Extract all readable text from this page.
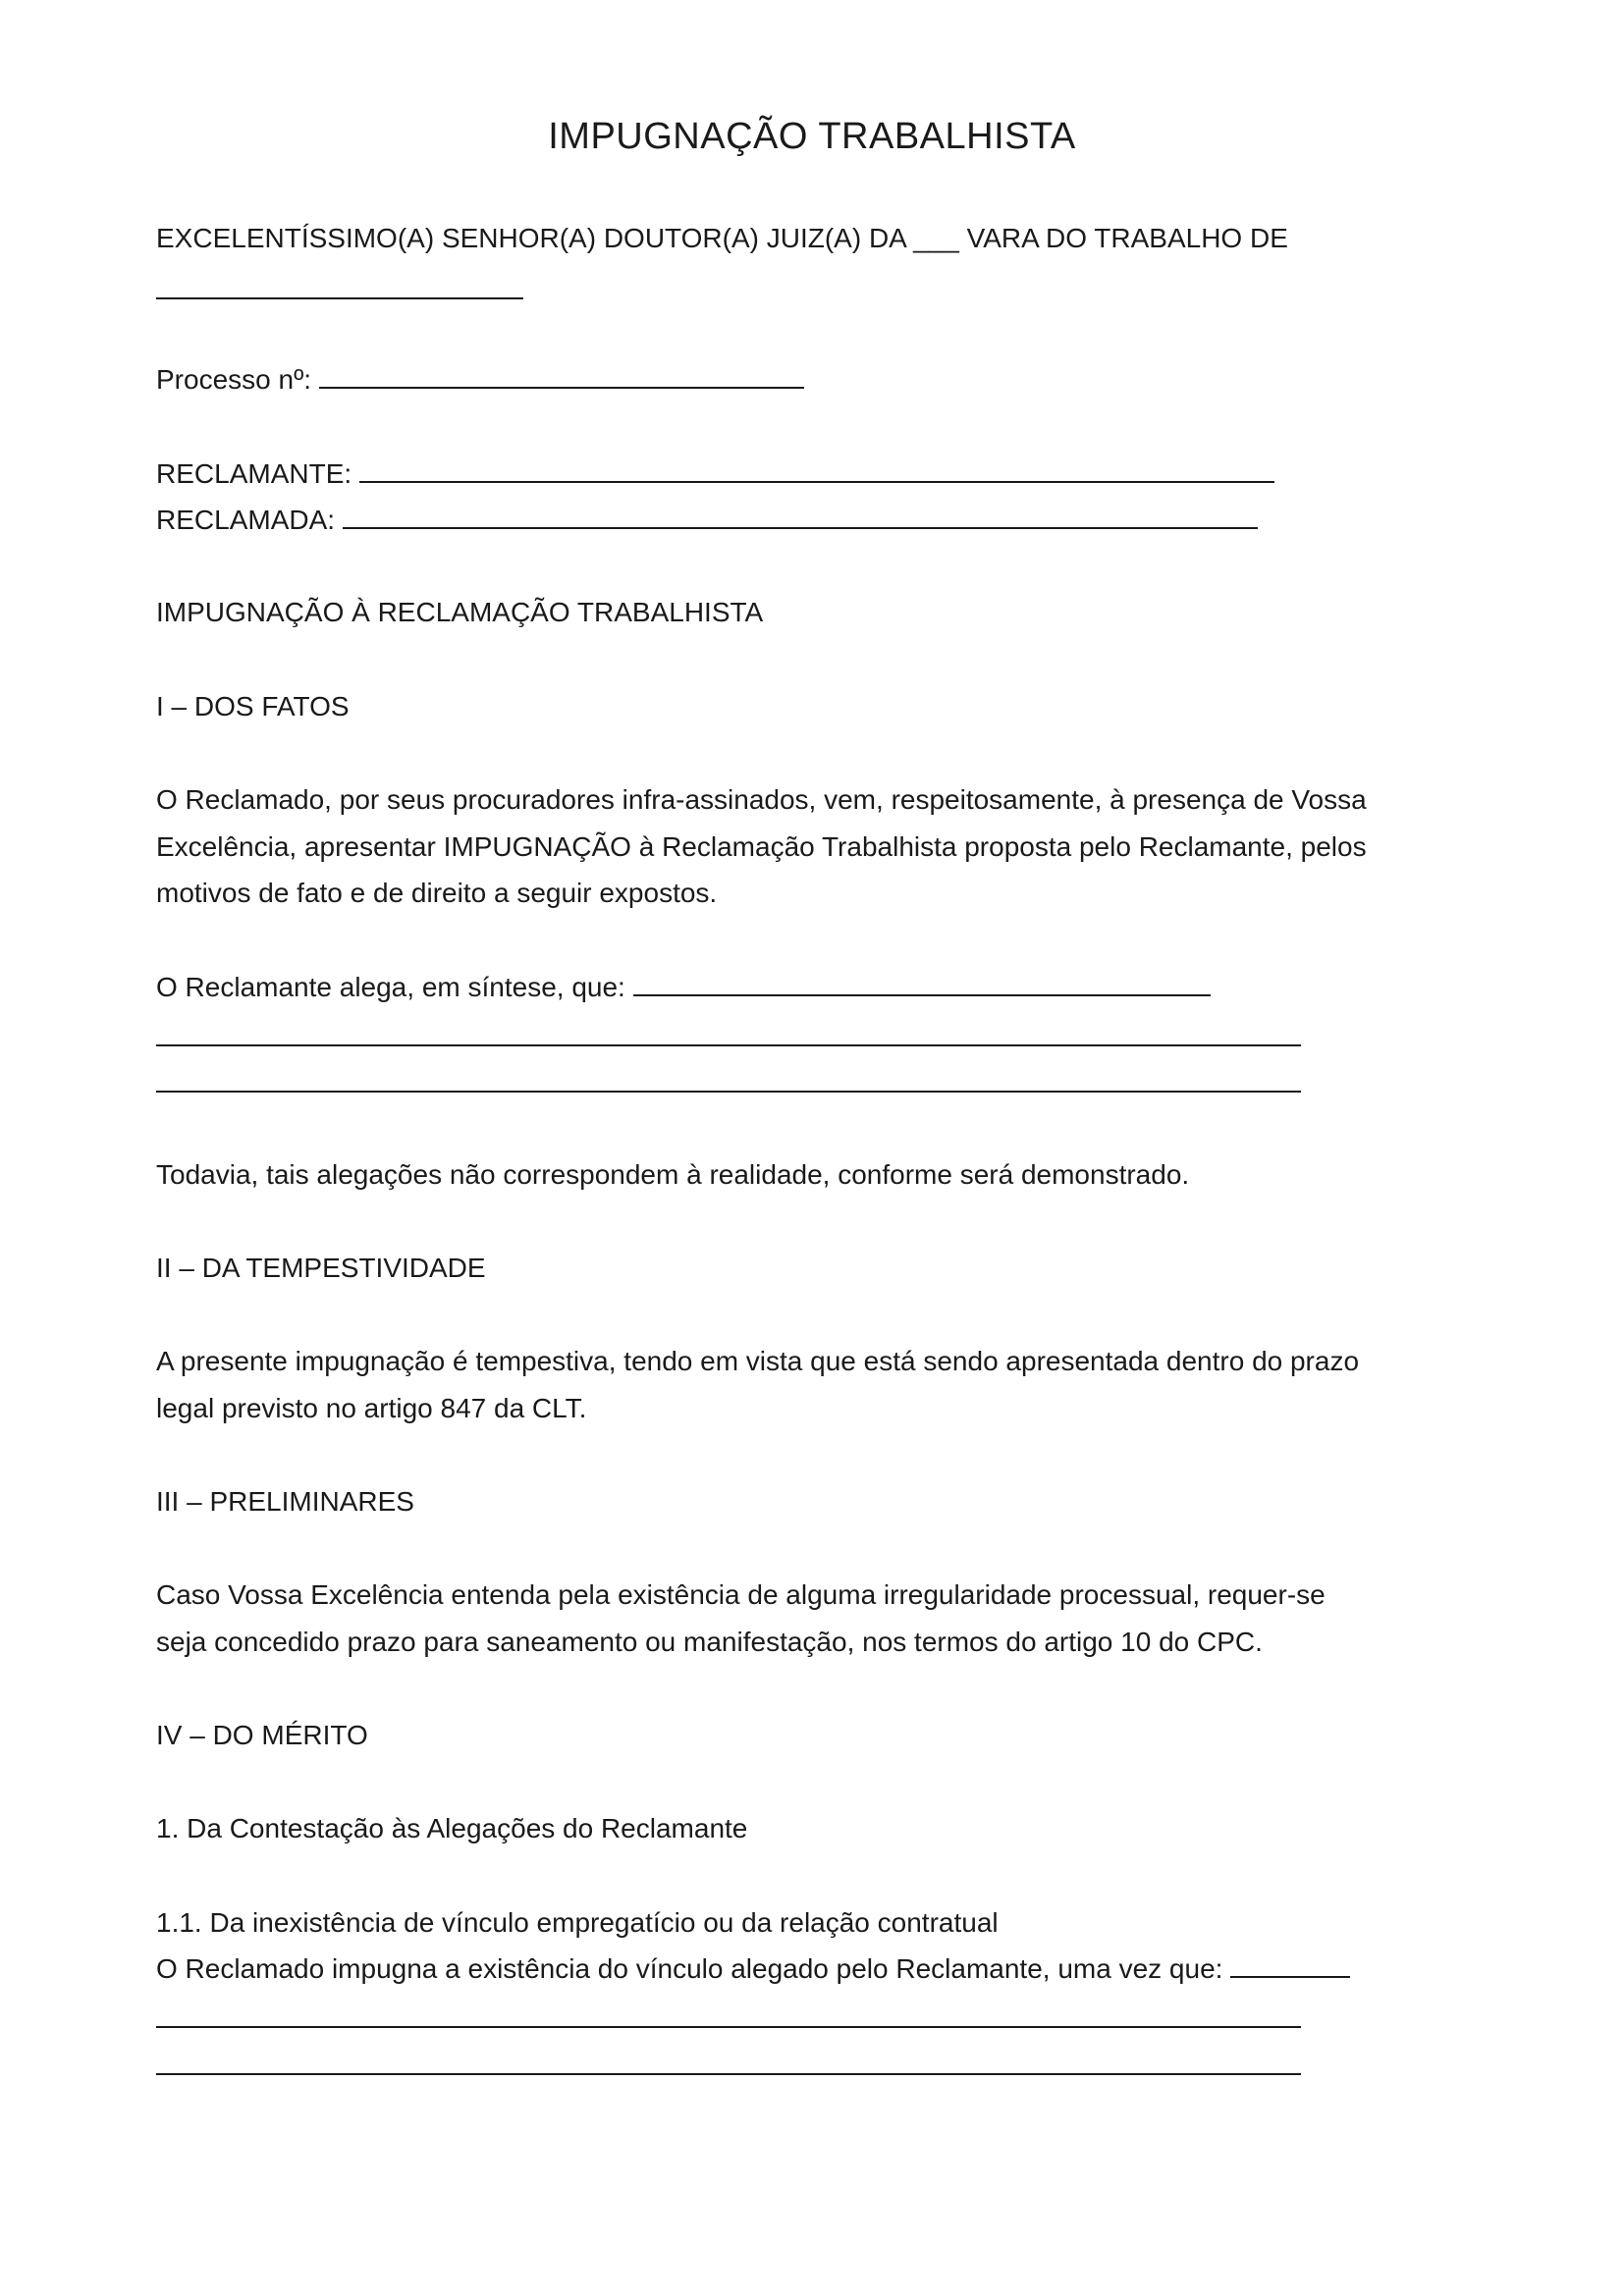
IMPUGNAÇÃO TRABALHISTA
EXCELENTÍSSIMO(A) SENHOR(A) DOUTOR(A) JUIZ(A) DA ___ VARA DO TRABALHO DE
Processo nº:
RECLAMANTE:
RECLAMADA:
IMPUGNAÇÃO À RECLAMAÇÃO TRABALHISTA
I – DOS FATOS
O Reclamado, por seus procuradores infra-assinados, vem, respeitosamente, à presença de Vossa
Excelência, apresentar IMPUGNAÇÃO à Reclamação Trabalhista proposta pelo Reclamante, pelos
motivos de fato e de direito a seguir expostos.
O Reclamante alega, em síntese, que:
Todavia, tais alegações não correspondem à realidade, conforme será demonstrado.
II – DA TEMPESTIVIDADE
A presente impugnação é tempestiva, tendo em vista que está sendo apresentada dentro do prazo
legal previsto no artigo 847 da CLT.
III – PRELIMINARES
Caso Vossa Excelência entenda pela existência de alguma irregularidade processual, requer-se
seja concedido prazo para saneamento ou manifestação, nos termos do artigo 10 do CPC.
IV – DO MÉRITO
1. Da Contestação às Alegações do Reclamante
1.1. Da inexistência de vínculo empregatício ou da relação contratual
O Reclamado impugna a existência do vínculo alegado pelo Reclamante, uma vez que:
